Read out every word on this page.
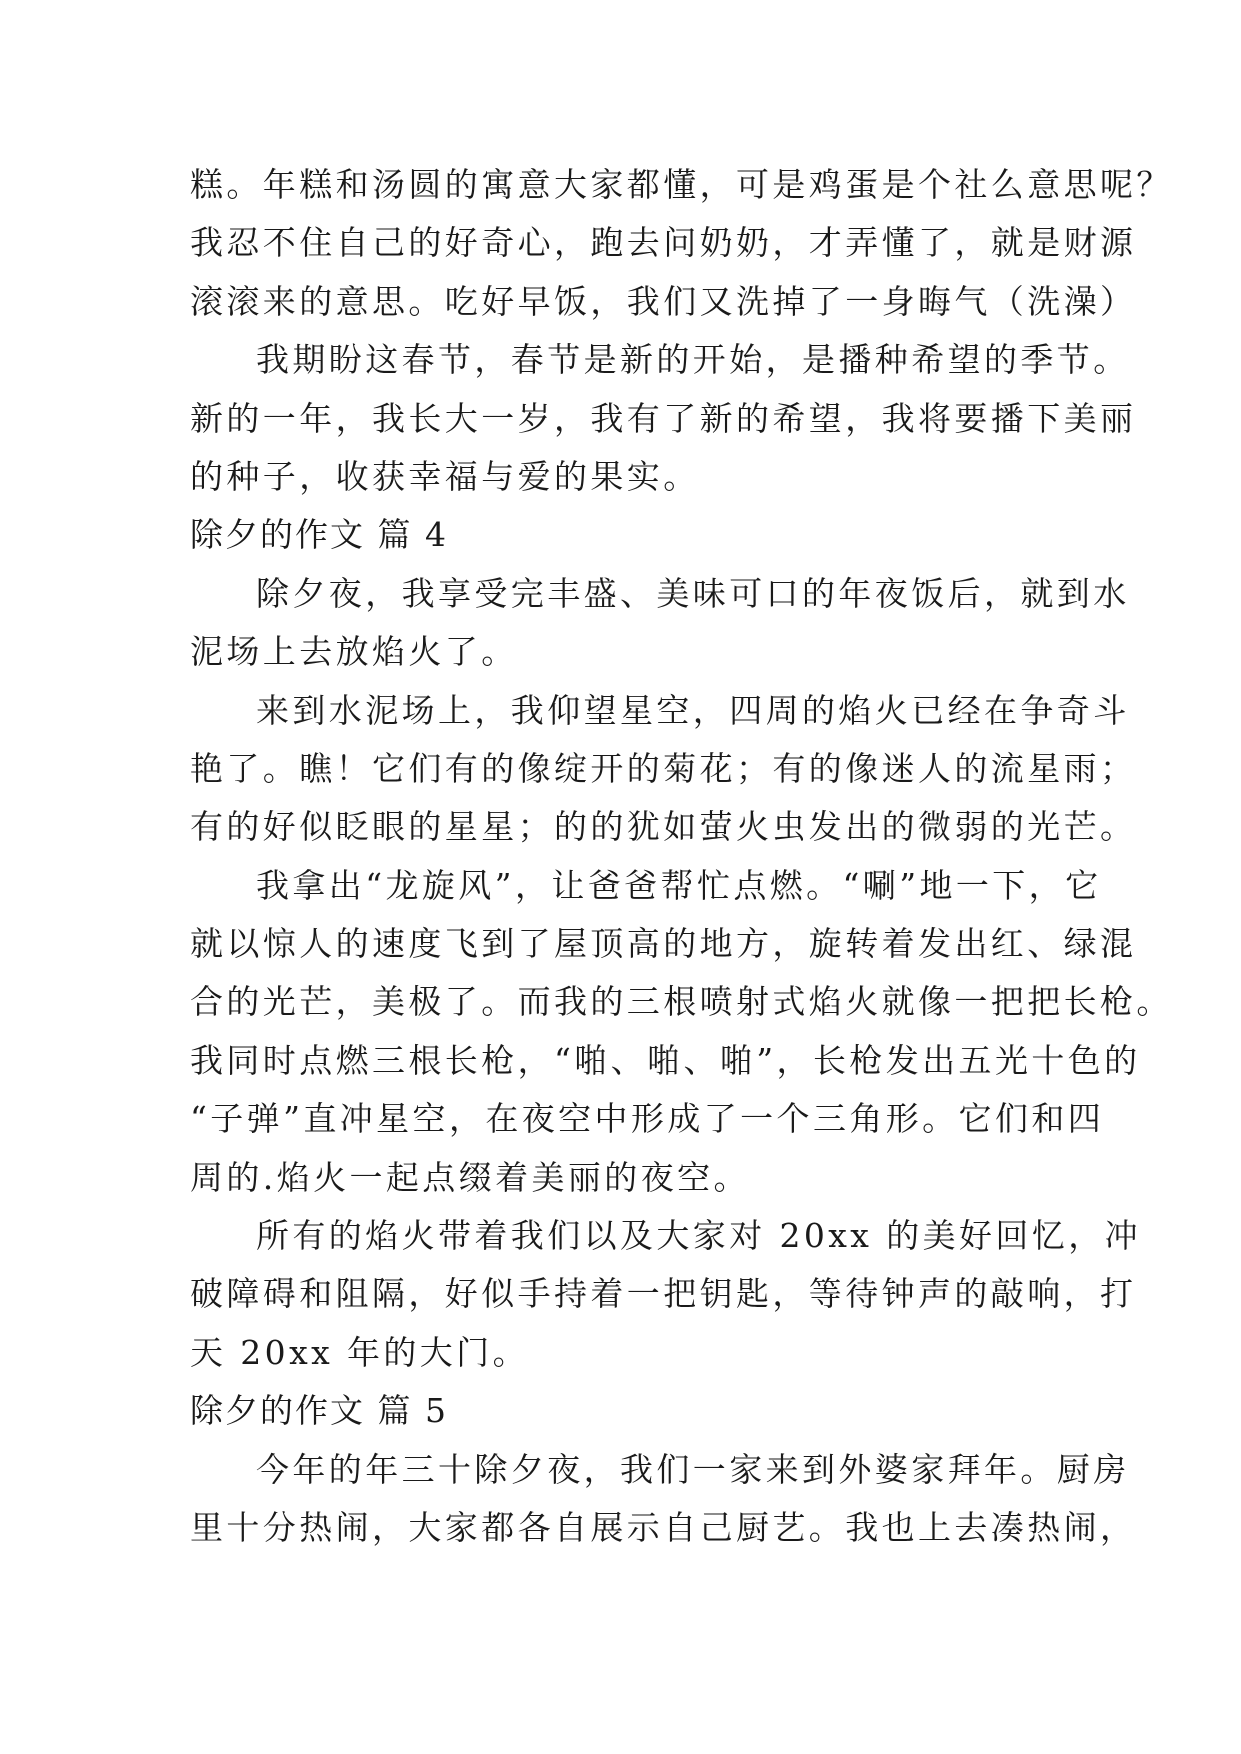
糕。年糕和汤圆的寓意大家都懂，可是鸡蛋是个社么意思呢？
我忍不住自己的好奇心，跑去问奶奶，才弄懂了，就是财源
滚滚来的意思。吃好早饭，我们又洗掉了一身晦气（洗澡）
我期盼这春节，春节是新的开始，是播种希望的季节。
新的一年，我长大一岁，我有了新的希望，我将要播下美丽
的种子，收获幸福与爱的果实。
除夕的作文 篇 4
除夕夜，我享受完丰盛、美味可口的年夜饭后，就到水
泥场上去放焰火了。
来到水泥场上，我仰望星空，四周的焰火已经在争奇斗
艳了。瞧！它们有的像绽开的菊花；有的像迷人的流星雨；
有的好似眨眼的星星；的的犹如萤火虫发出的微弱的光芒。
我拿出“龙旋风”，让爸爸帮忙点燃。“唰”地一下，它
就以惊人的速度飞到了屋顶高的地方，旋转着发出红、绿混
合的光芒，美极了。而我的三根喷射式焰火就像一把把长枪。
我同时点燃三根长枪，“啪、啪、啪”，长枪发出五光十色的
“子弹”直冲星空，在夜空中形成了一个三角形。它们和四
周的.焰火一起点缀着美丽的夜空。
所有的焰火带着我们以及大家对 20xx 的美好回忆，冲
破障碍和阻隔，好似手持着一把钥匙，等待钟声的敲响，打
天 20xx 年的大门。
除夕的作文 篇 5
今年的年三十除夕夜，我们一家来到外婆家拜年。厨房
里十分热闹，大家都各自展示自己厨艺。我也上去凑热闹，
